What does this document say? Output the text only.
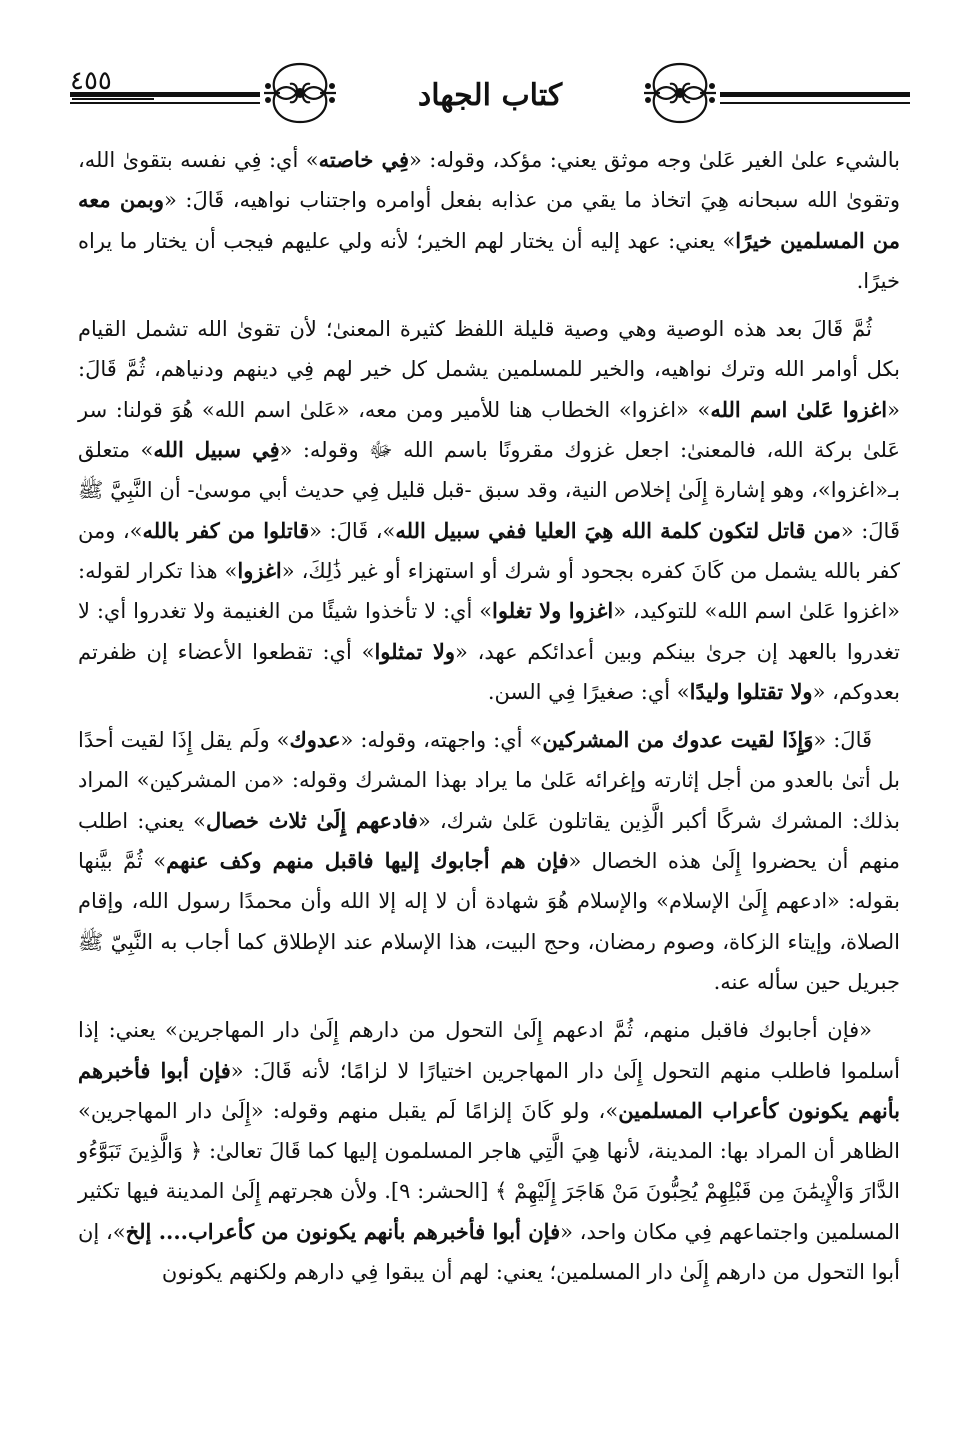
٤٥٥	كتاب الجهاد

بالشيء علىٰ الغير عَلىٰ وجه موثق يعني: مؤكد، وقوله: «فِي خاصته» أي: فِي نفسه بتقوىٰ الله، وتقوىٰ الله سبحانه هِيَ اتخاذ ما يقي من عذابه بفعل أوامره واجتناب نواهيه، قَالَ: «وبمن معه من المسلمين خيرًا» يعني: عهد إليه أن يختار لهم الخير؛ لأنه ولي عليهم فيجب أن يختار ما يراه خيرًا.

ثُمَّ قَالَ بعد هذه الوصية وهي وصية قليلة اللفظ كثيرة المعنىٰ؛ لأن تقوىٰ الله تشمل القيام بكل أوامر الله وترك نواهيه، والخير للمسلمين يشمل كل خير لهم فِي دينهم ودنياهم، ثُمَّ قَالَ: «اغزوا عَلىٰ اسم الله» «اغزوا» الخطاب هنا للأمير ومن معه، «عَلىٰ اسم الله» هُوَ قولنا: سر عَلىٰ بركة الله، فالمعنىٰ: اجعل غزوك مقرونًا باسم الله ﷻ وقوله: «فِي سبيل الله» متعلق بـ«اغزوا»، وهو إشارة إِلَىٰ إخلاص النية، وقد سبق -قبل قليل فِي حديث أبي موسىٰ- أن النَّبِيَّ ﷺ قَالَ: «من قاتل لتكون كلمة الله هِيَ العليا ففي سبيل الله»، قَالَ: «قاتلوا من كفر بالله»، ومن كفر بالله يشمل من كَانَ كفره بجحود أو شرك أو استهزاء أو غير ذَٰلِكَ، «اغزوا» هذا تكرار لقوله: «اغزوا عَلىٰ اسم الله» للتوكيد، «اغزوا ولا تغلوا» أي: لا تأخذوا شيئًا من الغنيمة ولا تغدروا أي: لا تغدروا بالعهد إن جرىٰ بينكم وبين أعدائكم عهد، «ولا تمثلوا» أي: تقطعوا الأعضاء إن ظفرتم بعدوكم، «ولا تقتلوا وليدًا» أي: صغيرًا فِي السن.

قَالَ: «وَإِذَا لقيت عدوك من المشركين» أي: واجهته، وقوله: «عدوك» ولَم يقل إِذَا لقيت أحدًا بل أتىٰ بالعدو من أجل إثارته وإغرائه عَلىٰ ما يراد بهذا المشرك وقوله: «من المشركين» المراد بذلك: المشرك شركًا أكبر الَّذِين يقاتلون عَلىٰ شرك، «فادعهم إِلَىٰ ثلاث خصال» يعني: اطلب منهم أن يحضروا إِلَىٰ هذه الخصال «فإن هم أجابوك إليها فاقبل منهم وكف عنهم» ثُمَّ بيَّنها بقوله: «ادعهم إِلَىٰ الإسلام» والإسلام هُوَ شهادة أن لا إله إلا الله وأن محمدًا رسول الله، وإقام الصلاة، وإيتاء الزكاة، وصوم رمضان، وحج البيت، هذا الإسلام عند الإطلاق كما أجاب به النَّبِيّ ﷺ جبريل حين سأله عنه.

«فإن أجابوك فاقبل منهم، ثُمَّ ادعهم إِلَىٰ التحول من دارهم إِلَىٰ دار المهاجرين» يعني: إذا أسلموا فاطلب منهم التحول إِلَىٰ دار المهاجرين اختيارًا لا لزامًا؛ لأنه قَالَ: «فإن أبوا فأخبرهم بأنهم يكونون كأعراب المسلمين»، ولو كَانَ إلزامًا لَم يقبل منهم وقوله: «إِلَىٰ دار المهاجرين» الظاهر أن المراد بها: المدينة، لأنها هِيَ الَّتِي هاجر المسلمون إليها كما قَالَ تعالىٰ: ﴿ وَالَّذِينَ تَبَوَّءُو الدَّارَ وَالْإِيمَٰنَ مِن قَبْلِهِمْ يُحِبُّونَ مَنْ هَاجَرَ إِلَيْهِمْ ﴾ [الحشر: ٩]. ولأن هجرتهم إِلَىٰ المدينة فيها تكثير المسلمين واجتماعهم فِي مكان واحد، «فإن أبوا فأخبرهم بأنهم يكونون من كأعراب.... إلخ»، إن أبوا التحول من دارهم إِلَىٰ دار المسلمين؛ يعني: لهم أن يبقوا فِي دارهم ولكنهم يكونون
